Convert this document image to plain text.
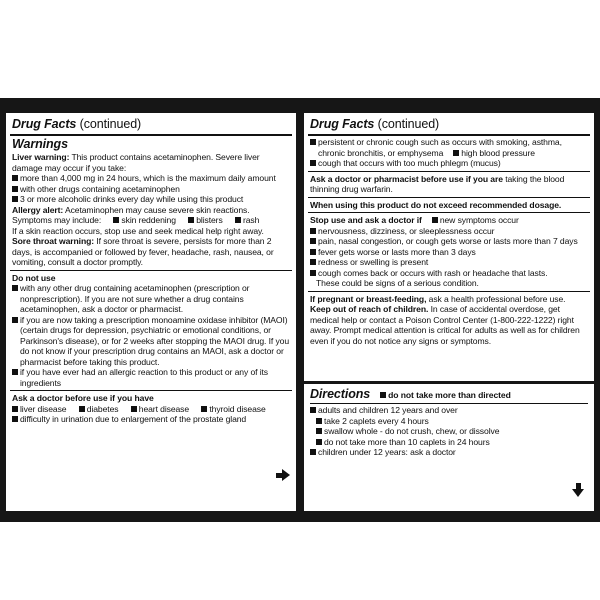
Drug Facts (continued)
Warnings
Liver warning: This product contains acetaminophen. Severe liver damage may occur if you take:
more than 4,000 mg in 24 hours, which is the maximum daily amount
with other drugs containing acetaminophen
3 or more alcoholic drinks every day while using this product
Allergy alert: Acetaminophen may cause severe skin reactions. Symptoms may include: skin reddening blisters rash
If a skin reaction occurs, stop use and seek medical help right away.
Sore throat warning: If sore throat is severe, persists for more than 2 days, is accompanied or followed by fever, headache, rash, nausea, or vomiting, consult a doctor promptly.
Do not use
with any other drug containing acetaminophen (prescription or nonprescription). If you are not sure whether a drug contains acetaminophen, ask a doctor or pharmacist.
if you are now taking a prescription monoamine oxidase inhibitor (MAOI) (certain drugs for depression, psychiatric or emotional conditions, or Parkinson's disease), or for 2 weeks after stopping the MAOI drug. If you do not know if your prescription drug contains an MAOI, ask a doctor or pharmacist before taking this product.
if you have ever had an allergic reaction to this product or any of its ingredients
Ask a doctor before use if you have
liver disease diabetes heart disease thyroid disease
difficulty in urination due to enlargement of the prostate gland
Drug Facts (continued)
persistent or chronic cough such as occurs with smoking, asthma, chronic bronchitis, or emphysema high blood pressure
cough that occurs with too much phlegm (mucus)
Ask a doctor or pharmacist before use if you are taking the blood thinning drug warfarin.
When using this product do not exceed recommended dosage.
Stop use and ask a doctor if new symptoms occur
nervousness, dizziness, or sleeplessness occur
pain, nasal congestion, or cough gets worse or lasts more than 7 days
fever gets worse or lasts more than 3 days
redness or swelling is present
cough comes back or occurs with rash or headache that lasts.
These could be signs of a serious condition.
If pregnant or breast-feeding, ask a health professional before use.
Keep out of reach of children. In case of accidental overdose, get medical help or contact a Poison Control Center (1-800-222-1222) right away. Prompt medical attention is critical for adults as well as for children even if you do not notice any signs or symptoms.
Directions do not take more than directed
adults and children 12 years and over
take 2 caplets every 4 hours
swallow whole - do not crush, chew, or dissolve
do not take more than 10 caplets in 24 hours
children under 12 years: ask a doctor
